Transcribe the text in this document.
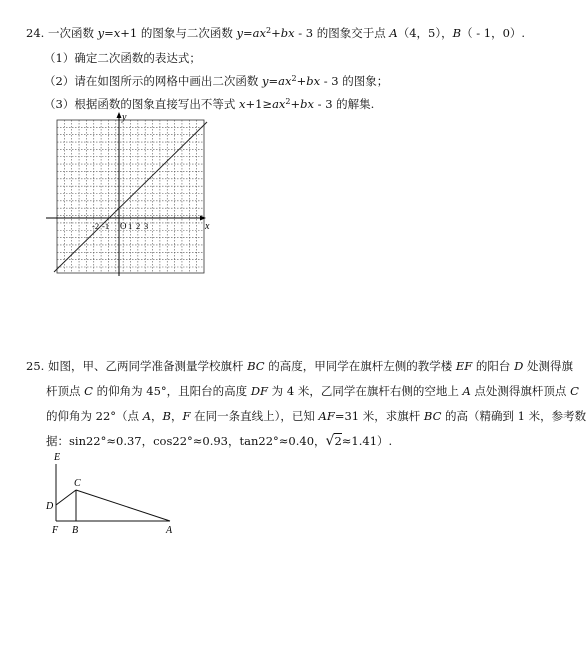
24. 一次函数 y=x+1 的图象与二次函数 $y=ax^2+bx - 3$ 的图象交于点 A（4，5），B（ - 1，0）.
（1）确定二次函数的表达式；
（2）请在如图所示的网格中画出二次函数 $y=ax^2+bx - 3$ 的图象；
（3）根据函数的图象直接写出不等式 $x+1\ge ax^2+bx - 3$ 的解集.
y
x
O
-2 -1 1 2 3
25. 如图，甲、乙两同学准备测量学校旗杆 BC 的高度，甲同学在旗杆左侧的教学楼 EF 的阳台 D 处测得旗
杆顶点 C 的仰角为 45°，且阳台的高度 DF 为 4 米，乙同学在旗杆右侧的空地上 A 点处测得旗杆顶点 C
的仰角为 22°（点 A，B，F 在同一条直线上），已知 AF=31 米，求旗杆 BC 的高（精确到 1 米，参考数
据：sin22°≈0.37，cos22°≈0.93，tan22°≈0.40，√2≈1.41）.
E
C
D
F B	A
